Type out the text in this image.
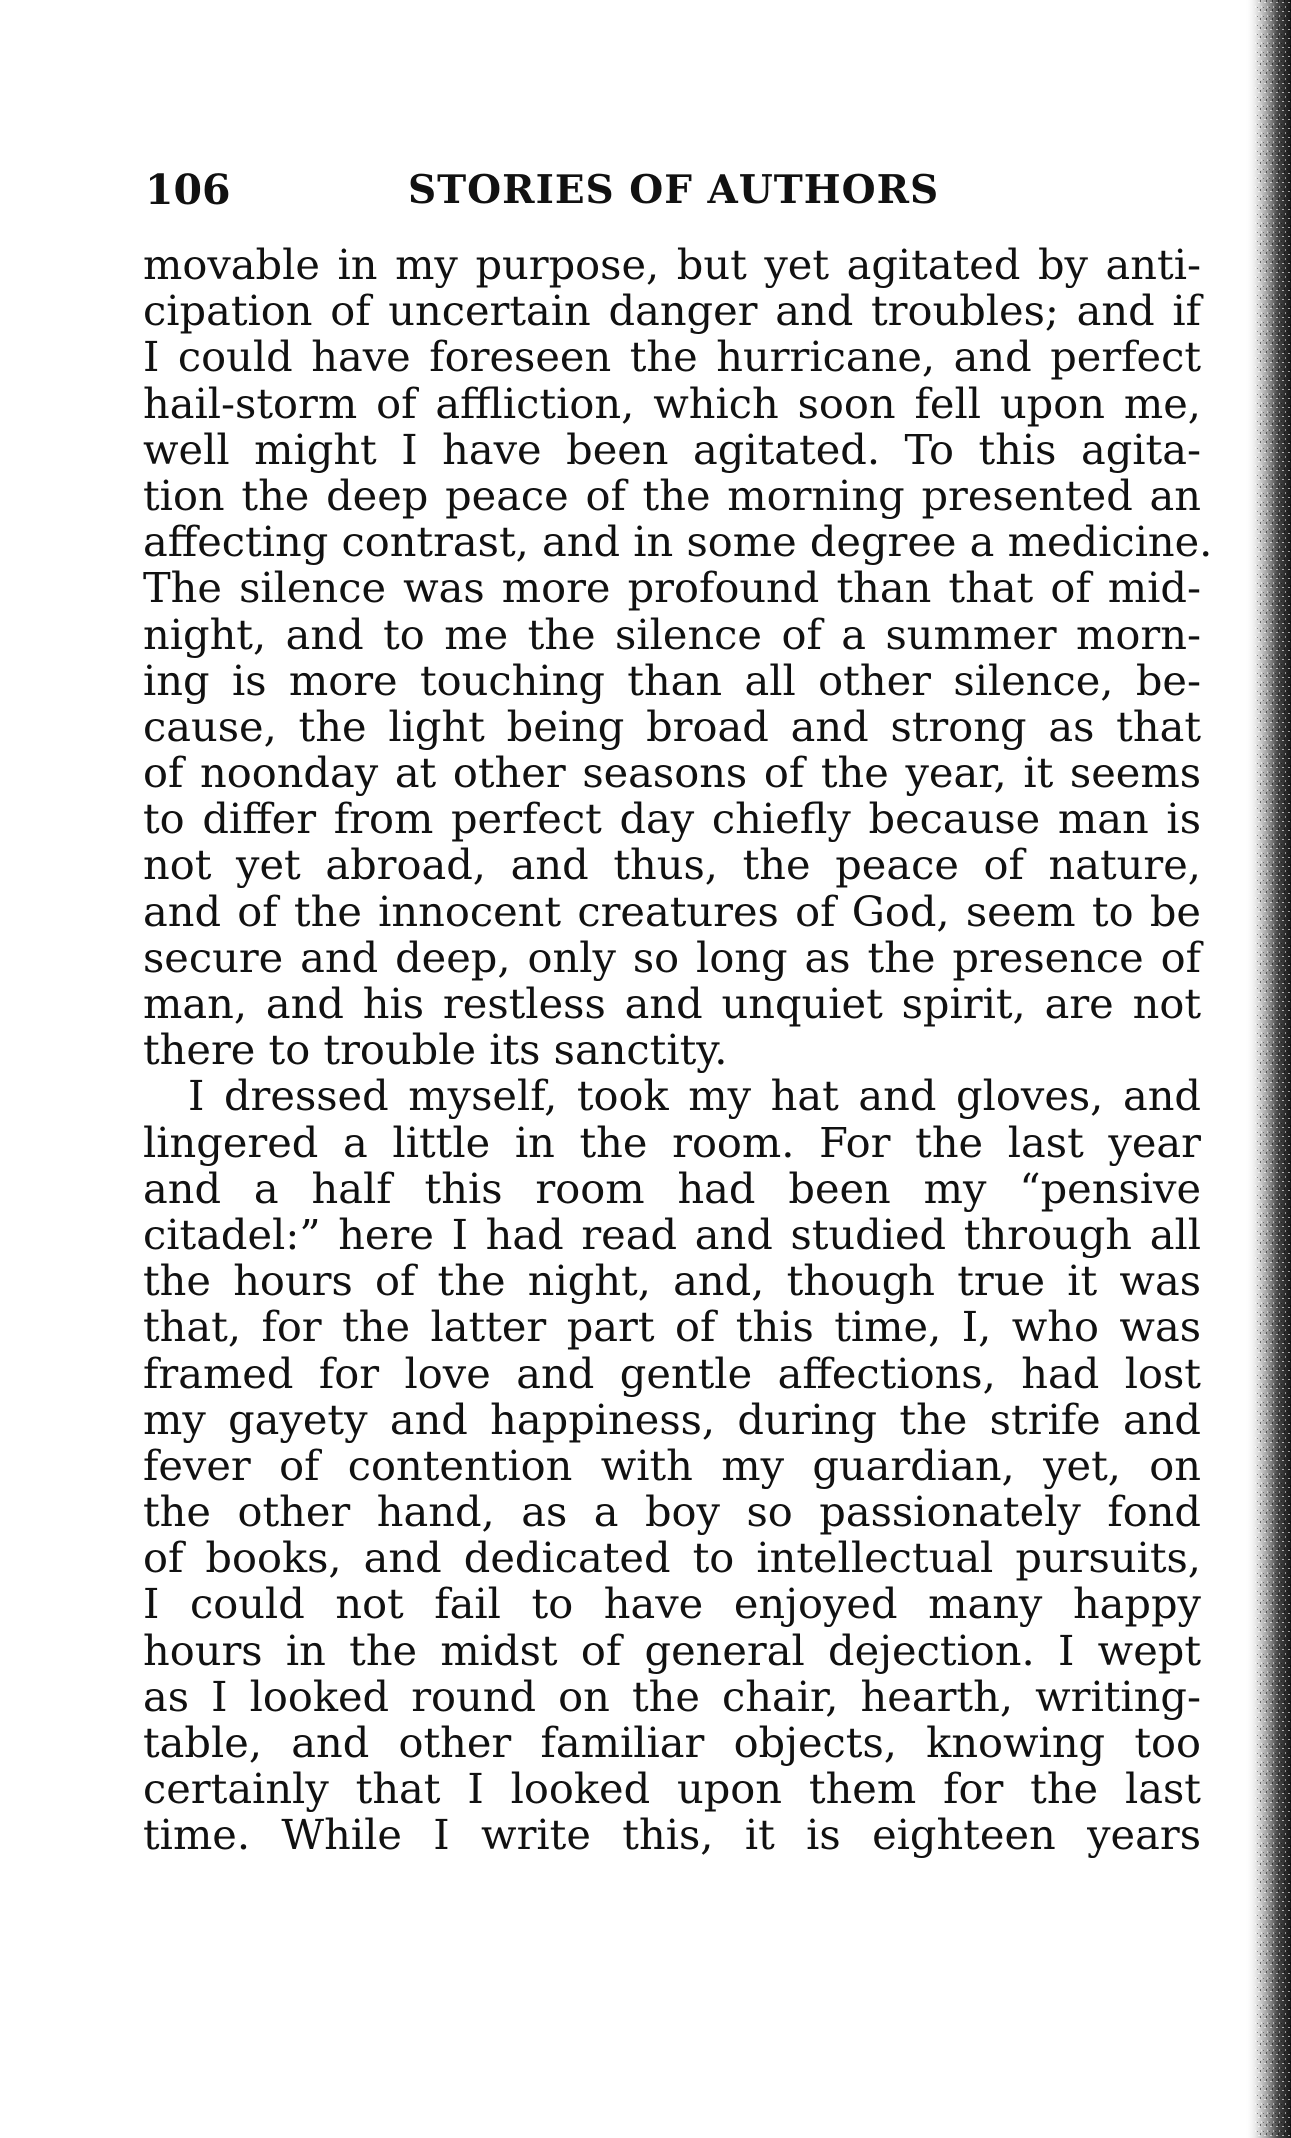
106	STORIES OF AUTHORS
movable in my purpose, but yet agitated by anti-
cipation of uncertain danger and troubles; and if
I could have foreseen the hurricane, and perfect
hail-storm of affliction, which soon fell upon me,
well might I have been agitated. To this agita-
tion the deep peace of the morning presented an
affecting contrast, and in some degree a medicine.
The silence was more profound than that of mid-
night, and to me the silence of a summer morn-
ing is more touching than all other silence, be-
cause, the light being broad and strong as that
of noonday at other seasons of the year, it seems
to differ from perfect day chiefly because man is
not yet abroad, and thus, the peace of nature,
and of the innocent creatures of God, seem to be
secure and deep, only so long as the presence of
man, and his restless and unquiet spirit, are not
there to trouble its sanctity.
I dressed myself, took my hat and gloves, and
lingered a little in the room. For the last year
and a half this room had been my “pensive
citadel:” here I had read and studied through all
the hours of the night, and, though true it was
that, for the latter part of this time, I, who was
framed for love and gentle affections, had lost
my gayety and happiness, during the strife and
fever of contention with my guardian, yet, on
the other hand, as a boy so passionately fond
of books, and dedicated to intellectual pursuits,
I could not fail to have enjoyed many happy
hours in the midst of general dejection. I wept
as I looked round on the chair, hearth, writing-
table, and other familiar objects, knowing too
certainly that I looked upon them for the last
time. While I write this, it is eighteen years
